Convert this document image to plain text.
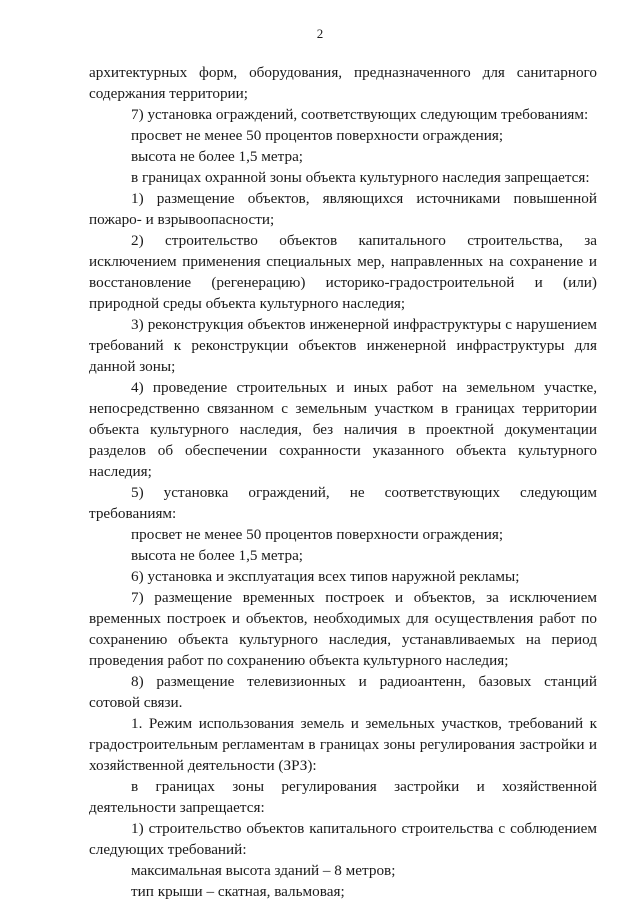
2

архитектурных форм, оборудования, предназначенного для санитарного содержания территории;

7) установка ограждений, соответствующих следующим требованиям:

просвет не менее 50 процентов поверхности ограждения;

высота не более 1,5 метра;

в границах охранной зоны объекта культурного наследия запрещается:

1) размещение объектов, являющихся источниками повышенной пожаро- и взрывоопасности;

2) строительство объектов капитального строительства, за исключением применения специальных мер, направленных на сохранение и восстановление (регенерацию) историко-градостроительной и (или) природной среды объекта культурного наследия;

3) реконструкция объектов инженерной инфраструктуры с нарушением требований к реконструкции объектов инженерной инфраструктуры для данной зоны;

4) проведение строительных и иных работ на земельном участке, непосредственно связанном с земельным участком в границах территории объекта культурного наследия, без наличия в проектной документации разделов об обеспечении сохранности указанного объекта культурного наследия;

5) установка ограждений, не соответствующих следующим требованиям:

просвет не менее 50 процентов поверхности ограждения;

высота не более 1,5 метра;

6) установка и эксплуатация всех типов наружной рекламы;

7) размещение временных построек и объектов, за исключением временных построек и объектов, необходимых для осуществления работ по сохранению объекта культурного наследия, устанавливаемых на период проведения работ по сохранению объекта культурного наследия;

8) размещение телевизионных и радиоантенн, базовых станций сотовой связи.

1. Режим использования земель и земельных участков, требований к градостроительным регламентам в границах зоны регулирования застройки и хозяйственной деятельности (ЗРЗ):

в границах зоны регулирования застройки и хозяйственной деятельности запрещается:

1) строительство объектов капитального строительства с соблюдением следующих требований:

максимальная высота зданий – 8 метров;

тип крыши – скатная, вальмовая;
